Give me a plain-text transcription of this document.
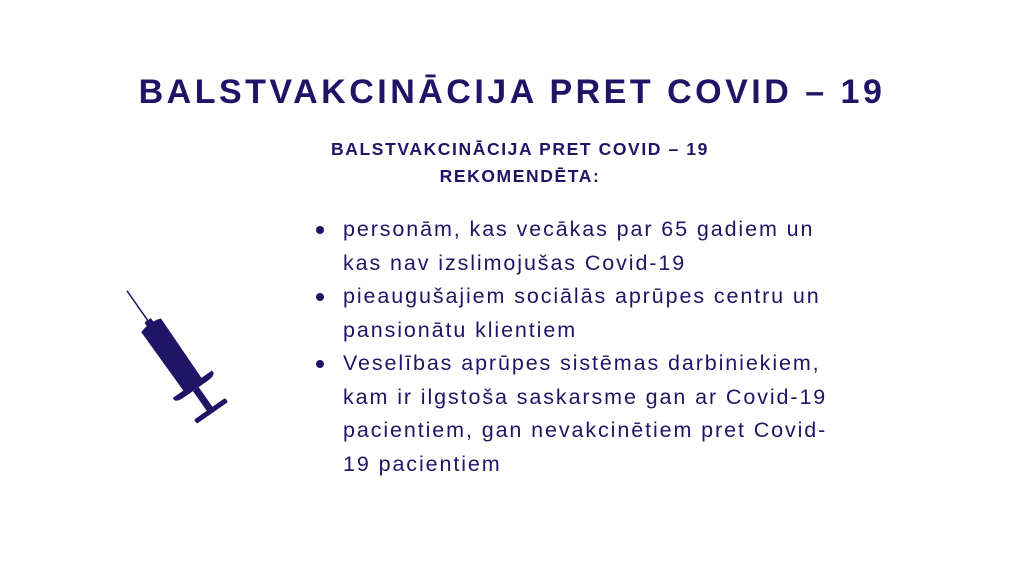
BALSTVAKCINĀCIJA PRET COVID – 19
BALSTVAKCINĀCIJA PRET COVID – 19
REKOMENDĒTA:
personām, kas vecākas par 65 gadiem un
kas nav izslimojušas Covid-19
pieaugušajiem sociālās aprūpes centru un
pansionātu klientiem
Veselības aprūpes sistēmas darbiniekiem,
kam ir ilgstoša saskarsme gan ar Covid-19
pacientiem, gan nevakcinētiem pret Covid-
19 pacientiem
